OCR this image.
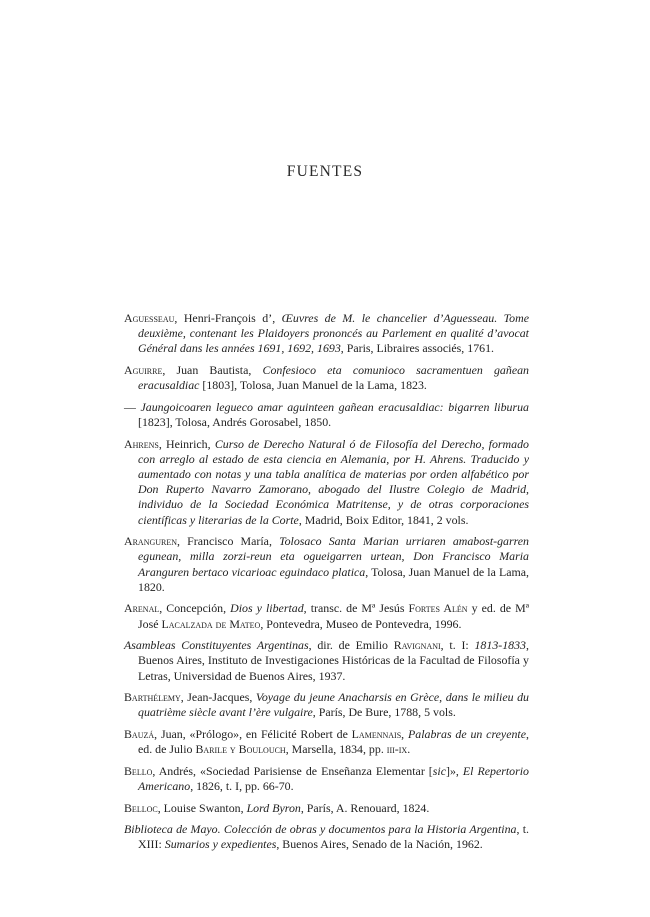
FUENTES

Aguesseau, Henri-François d’, Œuvres de M. le chancelier d’Aguesseau. Tome deuxième, contenant les Plaidoyers prononcés au Parlement en qualité d’avocat Général dans les années 1691, 1692, 1693, Paris, Libraires associés, 1761.

Aguirre, Juan Bautista, Confesioco eta comunioco sacramentuen gañean eracusaldiac [1803], Tolosa, Juan Manuel de la Lama, 1823.

— Jaungoicoaren legueco amar aguinteen gañean eracusaldiac: bigarren liburua [1823], Tolosa, Andrés Gorosabel, 1850.

Ahrens, Heinrich, Curso de Derecho Natural ó de Filosofía del Derecho, formado con arreglo al estado de esta ciencia en Alemania, por H. Ahrens. Traducido y aumentado con notas y una tabla analítica de materias por orden alfabético por Don Ruperto Navarro Zamorano, abogado del Ilustre Colegio de Madrid, individuo de la Sociedad Económica Matritense, y de otras corporaciones científicas y literarias de la Corte, Madrid, Boix Editor, 1841, 2 vols.

Aranguren, Francisco María, Tolosaco Santa Marian urriaren amabost-garren egunean, milla zorzi-reun eta ogueigarren urtean, Don Francisco Maria Aranguren bertaco vicarioac eguindaco platica, Tolosa, Juan Manuel de la Lama, 1820.

Arenal, Concepción, Dios y libertad, transc. de Mª Jesús Fortes Alén y ed. de Mª José Lacalzada de Mateo, Pontevedra, Museo de Pontevedra, 1996.

Asambleas Constituyentes Argentinas, dir. de Emilio Ravignani, t. I: 1813-1833, Buenos Aires, Instituto de Investigaciones Históricas de la Facultad de Filosofía y Letras, Universidad de Buenos Aires, 1937.

Barthélemy, Jean-Jacques, Voyage du jeune Anacharsis en Grèce, dans le milieu du quatrième siècle avant l’ère vulgaire, París, De Bure, 1788, 5 vols.

Bauzá, Juan, «Prólogo», en Félicité Robert de Lamennais, Palabras de un creyente, ed. de Julio Barile y Boulouch, Marsella, 1834, pp. iii-ix.

Bello, Andrés, «Sociedad Parisiense de Enseñanza Elementar [sic]», El Repertorio Americano, 1826, t. I, pp. 66-70.

Belloc, Louise Swanton, Lord Byron, París, A. Renouard, 1824.

Biblioteca de Mayo. Colección de obras y documentos para la Historia Argentina, t. XIII: Sumarios y expedientes, Buenos Aires, Senado de la Nación, 1962.
